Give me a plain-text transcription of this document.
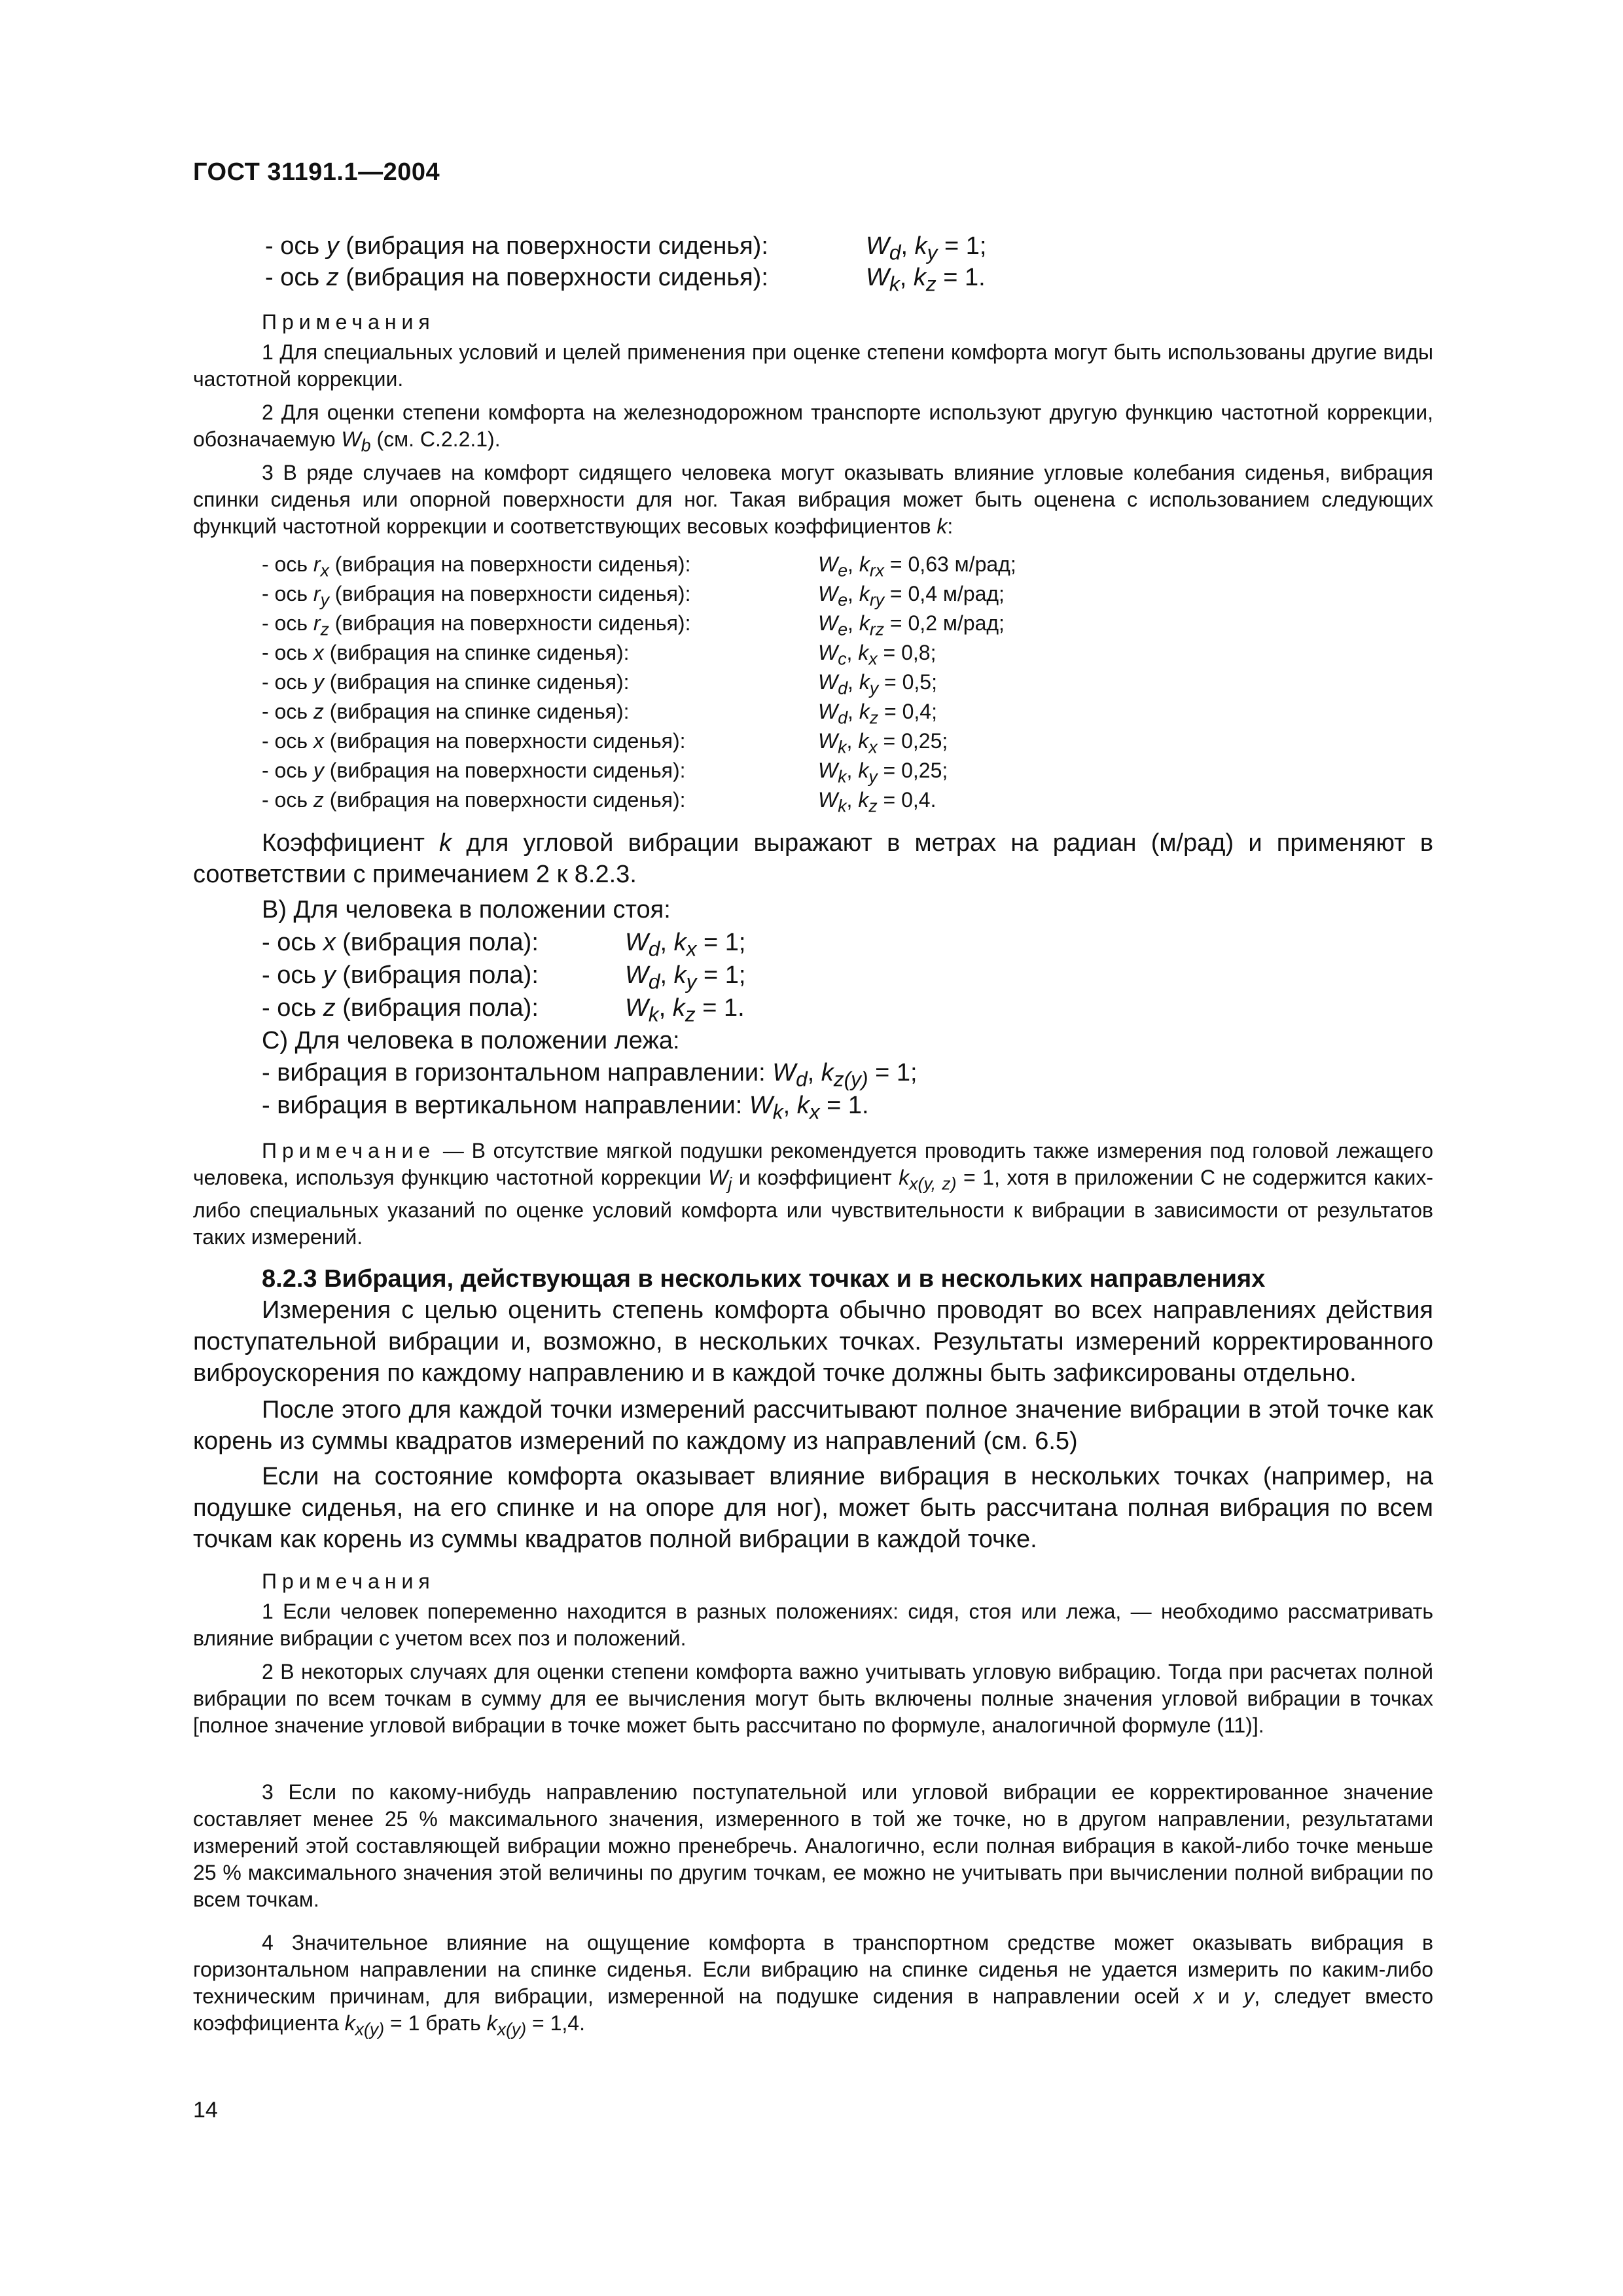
ГОСТ 31191.1—2004
- ось y (вибрация на поверхности сиденья):	$W_d$, $k_y = 1$;
- ось z (вибрация на поверхности сиденья):	$W_k$, $k_z = 1$.
Примечания
1 Для специальных условий и целей применения при оценке степени комфорта могут быть использованы другие виды частотной коррекции.
2 Для оценки степени комфорта на железнодорожном транспорте используют другую функцию частотной коррекции, обозначаемую $W_b$ (см. C.2.2.1).
3 В ряде случаев на комфорт сидящего человека могут оказывать влияние угловые колебания сиденья, вибрация спинки сиденья или опорной поверхности для ног. Такая вибрация может быть оценена с использованием следующих функций частотной коррекции и соответствующих весовых коэффициентов k:
- ось $r_x$ (вибрация на поверхности сиденья):	$W_e$, $k_{rx} = 0,63$ м/рад;
- ось $r_y$ (вибрация на поверхности сиденья):	$W_e$, $k_{ry} = 0,4$ м/рад;
- ось $r_z$ (вибрация на поверхности сиденья):	$W_e$, $k_{rz} = 0,2$ м/рад;
- ось x (вибрация на спинке сиденья):	$W_c$, $k_x = 0,8$;
- ось y (вибрация на спинке сиденья):	$W_d$, $k_y = 0,5$;
- ось z (вибрация на спинке сиденья):	$W_d$, $k_z = 0,4$;
- ось x (вибрация на поверхности сиденья):	$W_k$, $k_x = 0,25$;
- ось y (вибрация на поверхности сиденья):	$W_k$, $k_y = 0,25$;
- ось z (вибрация на поверхности сиденья):	$W_k$, $k_z = 0,4$.
Коэффициент k для угловой вибрации выражают в метрах на радиан (м/рад) и применяют в соответствии с примечанием 2 к 8.2.3.
B) Для человека в положении стоя:
- ось x (вибрация пола):	$W_d$, $k_x = 1$;
- ось y (вибрация пола):	$W_d$, $k_y = 1$;
- ось z (вибрация пола):	$W_k$, $k_z = 1$.
C) Для человека в положении лежа:
- вибрация в горизонтальном направлении: $W_d$, $k_{z(y)} = 1$;
- вибрация в вертикальном направлении: $W_k$, $k_x = 1$.
Примечание — В отсутствие мягкой подушки рекомендуется проводить также измерения под головой лежащего человека, используя функцию частотной коррекции $W_j$ и коэффициент $k_{x(y, z)} = 1$, хотя в приложении C не содержится каких-либо специальных указаний по оценке условий комфорта или чувствительности к вибрации в зависимости от результатов таких измерений.
8.2.3 Вибрация, действующая в нескольких точках и в нескольких направлениях
Измерения с целью оценить степень комфорта обычно проводят во всех направлениях действия поступательной вибрации и, возможно, в нескольких точках. Результаты измерений корректированного виброускорения по каждому направлению и в каждой точке должны быть зафиксированы отдельно.
После этого для каждой точки измерений рассчитывают полное значение вибрации в этой точке как корень из суммы квадратов измерений по каждому из направлений (см. 6.5)
Если на состояние комфорта оказывает влияние вибрация в нескольких точках (например, на подушке сиденья, на его спинке и на опоре для ног), может быть рассчитана полная вибрация по всем точкам как корень из суммы квадратов полной вибрации в каждой точке.
Примечания
1 Если человек попеременно находится в разных положениях: сидя, стоя или лежа, — необходимо рассматривать влияние вибрации с учетом всех поз и положений.
2 В некоторых случаях для оценки степени комфорта важно учитывать угловую вибрацию. Тогда при расчетах полной вибрации по всем точкам в сумму для ее вычисления могут быть включены полные значения угловой вибрации в точках [полное значение угловой вибрации в точке может быть рассчитано по формуле, аналогичной формуле (11)].
3 Если по какому-нибудь направлению поступательной или угловой вибрации ее корректированное значение составляет менее 25 % максимального значения, измеренного в той же точке, но в другом направлении, результатами измерений этой составляющей вибрации можно пренебречь. Аналогично, если полная вибрация в какой-либо точке меньше 25 % максимального значения этой величины по другим точкам, ее можно не учитывать при вычислении полной вибрации по всем точкам.
4 Значительное влияние на ощущение комфорта в транспортном средстве может оказывать вибрация в горизонтальном направлении на спинке сиденья. Если вибрацию на спинке сиденья не удается измерить по каким-либо техническим причинам, для вибрации, измеренной на подушке сидения в направлении осей x и y, следует вместо коэффициента $k_{x(y)} = 1$ брать $k_{x(y)} = 1,4$.
14
